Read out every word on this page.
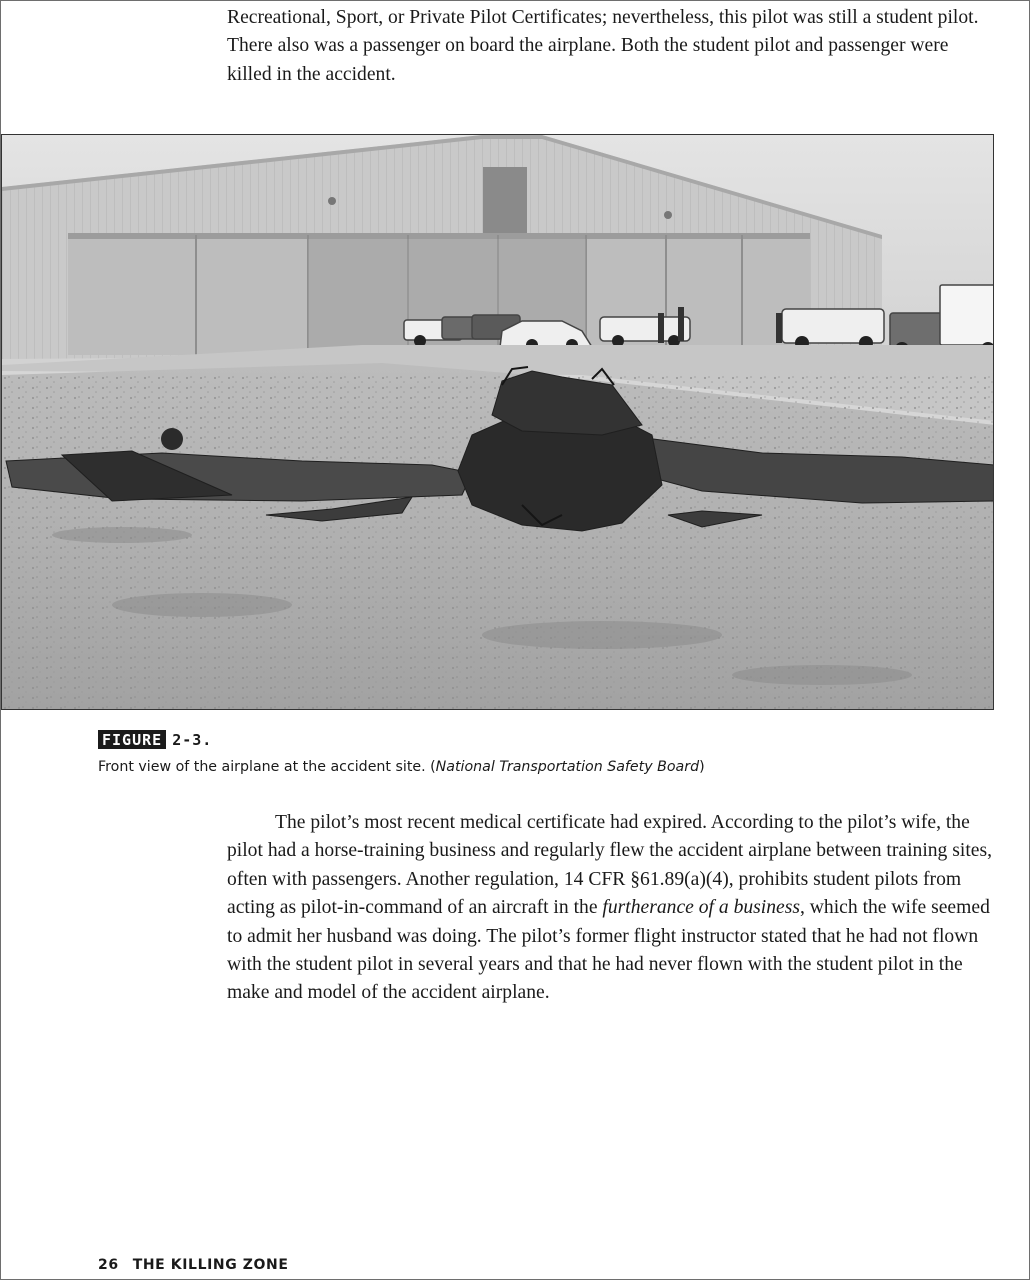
Recreational, Sport, or Private Pilot Certificates; nevertheless, this pilot was still a student pilot. There also was a passenger on board the airplane. Both the student pilot and passenger were killed in the accident.

FIGURE 2-3.
Front view of the airplane at the accident site. (National Transportation Safety Board)

The pilot’s most recent medical certificate had expired. According to the pilot’s wife, the pilot had a horse-training business and regularly flew the accident airplane between training sites, often with passengers. Another regulation, 14 CFR §61.89(a)(4), prohibits student pilots from acting as pilot-in-command of an aircraft in the furtherance of a business, which the wife seemed to admit her husband was doing. The pilot’s former flight instructor stated that he had not flown with the student pilot in several years and that he had never flown with the student pilot in the make and model of the accident airplane.

26 THE KILLING ZONE
